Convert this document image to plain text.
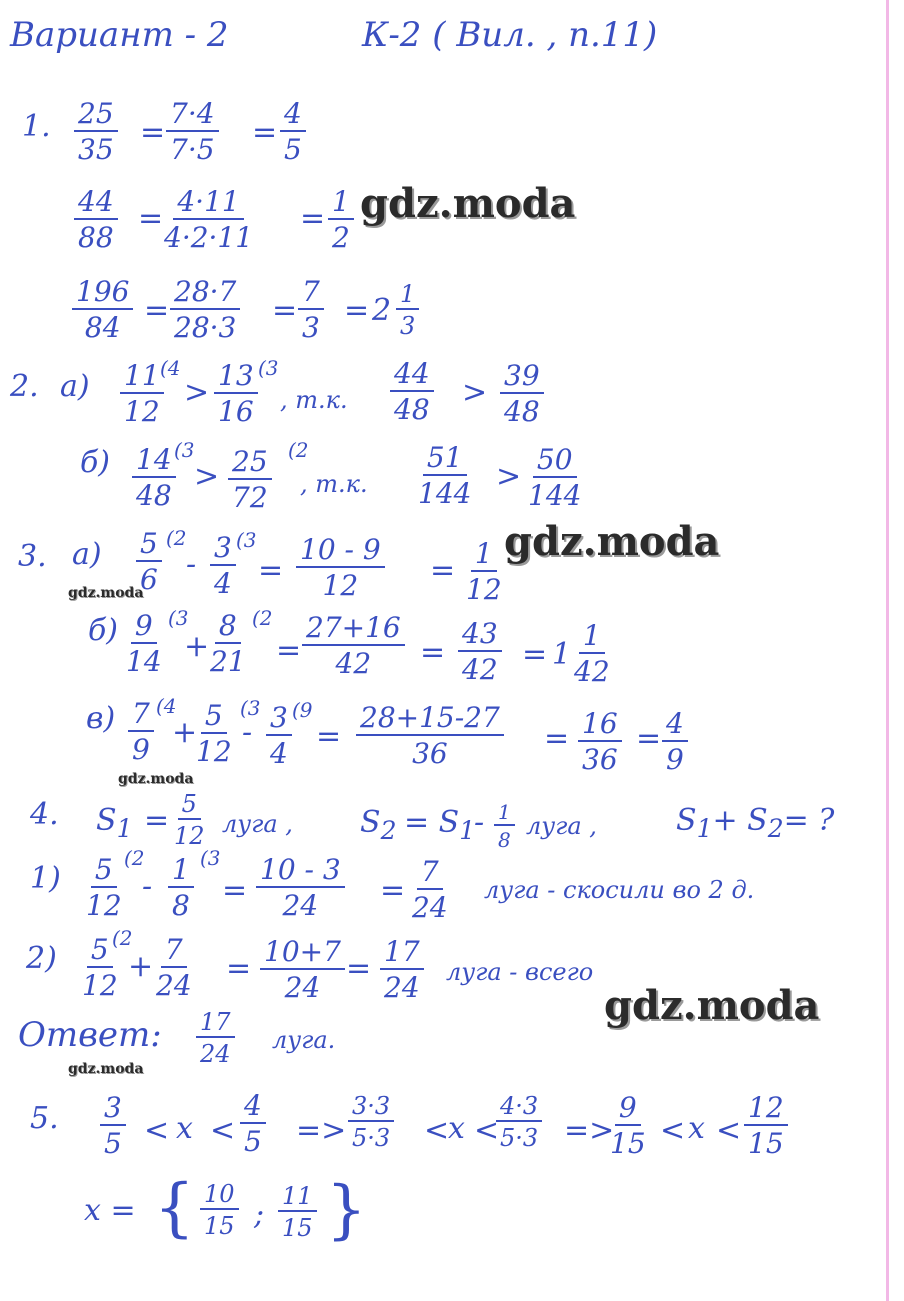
Вариант - 2	К-2 ( Вил. , п.11)
1. $\frac{25}{35} = \frac{7\cdot 4}{7\cdot 5} = \frac{4}{5}$
$\frac{44}{88} = \frac{4\cdot 11}{4\cdot 2\cdot 11} = \frac{1}{2}$
$\frac{196}{84} = \frac{28\cdot 7}{28\cdot 3} = \frac{7}{3} = 2 \frac{1}{3}$
2. $а) \frac{11}{12}$
(4
> $\frac{13}{16} (3$
, т.к. $\frac{44}{48} > \frac{39}{48}$
$б) \frac{14}{48}$
(3
> $\frac{25}{72} (2$
, т.к. $\frac{51}{144} > \frac{50}{144}$
3. $а) \frac{5}{6} (2$
- $\frac{3}{4} (3$
= $\frac{10 - 9}{12} = \frac{1}{12}$
$б) \frac{9}{14} (3$
+ $\frac{8}{21} (2$
= $\frac{27+16}{42} = \frac{43}{42} = 1 \frac{1}{42}$
$в) \frac{7}{9} (4$
+
$\frac{5}{12} (3$
- $\frac{3}{4} (9$
= $\frac{28+15-27}{36} = \frac{16}{36} = \frac{4}{9}$
4. $S_1 = \frac{5}{12}$ луга , $S_2 = S_1$
- $\frac{1}{8}$ луга ,	$S_1+ S_2=$ ?
$1) \frac{5}{12} (2$
- $\frac{1}{8} (3$
= $\frac{10 - 3}{24} = \frac{7}{24}$ луга - скосили во 2 д.
$2) \frac{5}{12}$
(2
+ $\frac{7}{24} = \frac{10+7}{24} = \frac{17}{24}$ луга - всего
Ответ: $\frac{17}{24}$ луга.
5. $\frac{3}{5} < x < \frac{4}{5} => \frac{3\cdot 3}{5\cdot 3}$ <
x <
$\frac{4\cdot 3}{5\cdot 3}$ =>
$\frac{9}{15} < x < \frac{12}{15}$
x = { $\frac{10}{15}$ ; $\frac{11}{15}$ }
gdz.moda
gdz.moda
gdz.moda
gdz.moda
gdz.moda
gdz.moda
